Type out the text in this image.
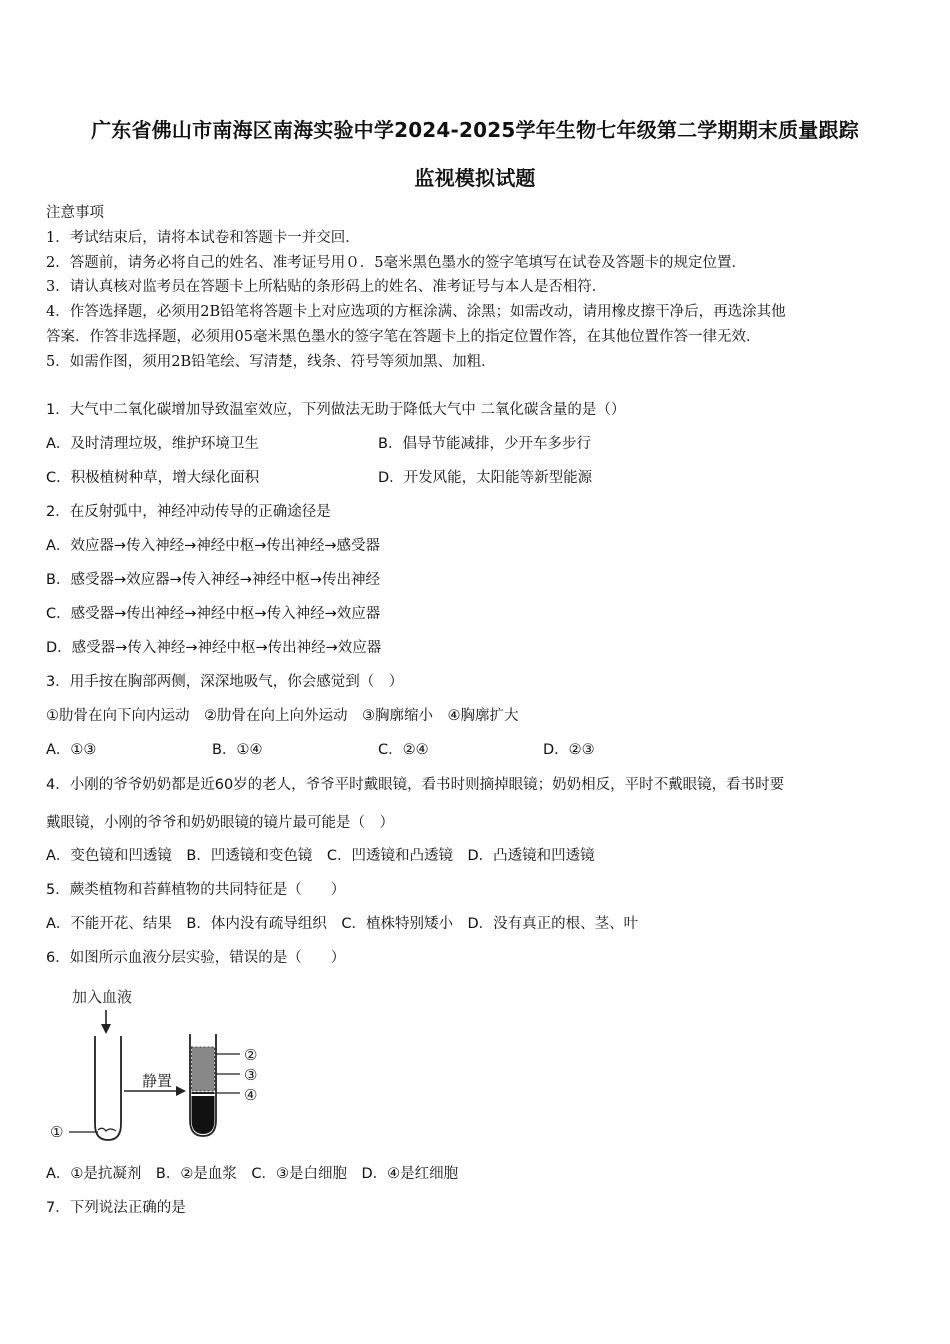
广东省佛山市南海区南海实验中学2024-2025学年生物七年级第二学期期末质量跟踪
监视模拟试题
注意事项
1．考试结束后，请将本试卷和答题卡一并交回．
2．答题前，请务必将自己的姓名、准考证号用０．5毫米黑色墨水的签字笔填写在试卷及答题卡的规定位置．
3．请认真核对监考员在答题卡上所粘贴的条形码上的姓名、准考证号与本人是否相符．
4．作答选择题，必须用2B铅笔将答题卡上对应选项的方框涂满、涂黑；如需改动，请用橡皮擦干净后，再选涂其他
答案．作答非选择题，必须用05毫米黑色墨水的签字笔在答题卡上的指定位置作答，在其他位置作答一律无效．
5．如需作图，须用2B铅笔绘、写清楚，线条、符号等须加黑、加粗．
1．大气中二氧化碳增加导致温室效应，下列做法无助于降低大气中 二氧化碳含量的是（）
A．及时清理垃圾，维护环境卫生	B．倡导节能减排，少开车多步行
C．积极植树种草，增大绿化面积	D．开发风能，太阳能等新型能源
2．在反射弧中，神经冲动传导的正确途径是
A．效应器→传入神经→神经中枢→传出神经→感受器
B．感受器→效应器→传入神经→神经中枢→传出神经
C．感受器→传出神经→神经中枢→传入神经→效应器
D．感受器→传入神经→神经中枢→传出神经→效应器
3．用手按在胸部两侧，深深地吸气，你会感觉到（　）
①肋骨在向下向内运动　②肋骨在向上向外运动　③胸廓缩小　④胸廓扩大
A．①③	B．①④	C．②④	D．②③
4．小刚的爷爷奶奶都是近60岁的老人，爷爷平时戴眼镜，看书时则摘掉眼镜；奶奶相反，平时不戴眼镜，看书时要
戴眼镜，小刚的爷爷和奶奶眼镜的镜片最可能是（　）
A．变色镜和凹透镜　B．凹透镜和变色镜　C．凹透镜和凸透镜　D．凸透镜和凹透镜
5．蕨类植物和苔藓植物的共同特征是（　　）
A．不能开花、结果　B．体内没有疏导组织　C．植株特别矮小　D．没有真正的根、茎、叶
6．如图所示血液分层实验，错误的是（　　）
加入血液
①
静置
②
③
④
A．①是抗凝剂　B．②是血浆　C．③是白细胞　D．④是红细胞
7．下列说法正确的是
